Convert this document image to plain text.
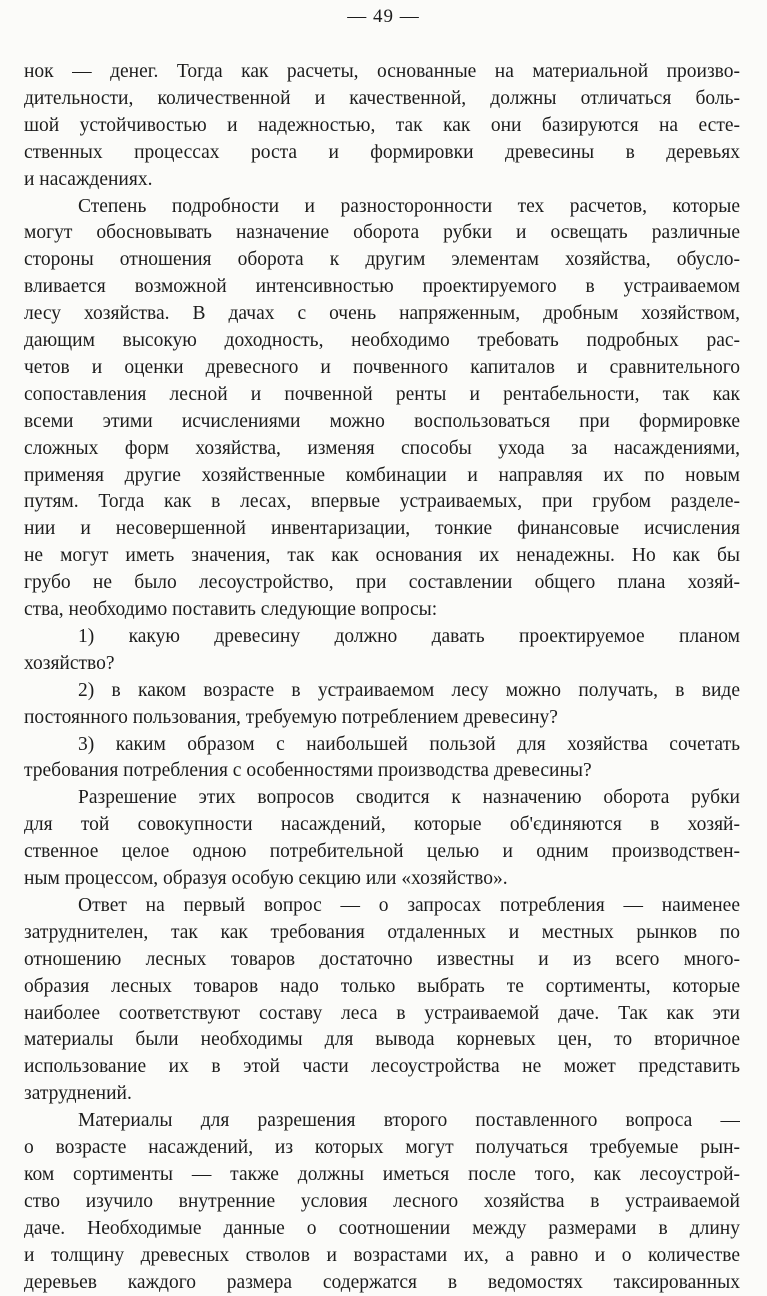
— 49 —
нок — денег. Тогда как расчеты, основанные на материальной произво-
дительности, количественной и качественной, должны отличаться боль-
шой устойчивостью и надежностью, так как они базируются на есте-
ственных процессах роста и формировки древесины в деревьях
и насаждениях.
Степень подробности и разносторонности тех расчетов, которые
могут обосновывать назначение оборота рубки и освещать различные
стороны отношения оборота к другим элементам хозяйства, обусло-
вливается возможной интенсивностью проектируемого в устраиваемом
лесу хозяйства. В дачах с очень напряженным, дробным хозяйством,
дающим высокую доходность, необходимо требовать подробных рас-
четов и оценки древесного и почвенного капиталов и сравнительного
сопоставления лесной и почвенной ренты и рентабельности, так как
всеми этими исчислениями можно воспользоваться при формировке
сложных форм хозяйства, изменяя способы ухода за насаждениями,
применяя другие хозяйственные комбинации и направляя их по новым
путям. Тогда как в лесах, впервые устраиваемых, при грубом разделе-
нии и несовершенной инвентаризации, тонкие финансовые исчисления
не могут иметь значения, так как основания их ненадежны. Но как бы
грубо не было лесоустройство, при составлении общего плана хозяй-
ства, необходимо поставить следующие вопросы:
1) какую древесину должно давать проектируемое планом
хозяйство?
2) в каком возрасте в устраиваемом лесу можно получать, в виде
постоянного пользования, требуемую потреблением древесину?
3) каким образом с наибольшей пользой для хозяйства сочетать
требования потребления с особенностями производства древесины?
Разрешение этих вопросов сводится к назначению оборота рубки
для той совокупности насаждений, которые об'єдиняются в хозяй-
ственное целое одною потребительной целью и одним производствен-
ным процессом, образуя особую секцию или «хозяйство».
Ответ на первый вопрос — о запросах потребления — наименее
затруднителен, так как требования отдаленных и местных рынков по
отношению лесных товаров достаточно известны и из всего много-
образия лесных товаров надо только выбрать те сортименты, которые
наиболее соответствуют составу леса в устраиваемой даче. Так как эти
материалы были необходимы для вывода корневых цен, то вторичное
использование их в этой части лесоустройства не может представить
затруднений.
Материалы для разрешения второго поставленного вопроса —
о возрасте насаждений, из которых могут получаться требуемые рын-
ком сортименты — также должны иметься после того, как лесоустрой-
ство изучило внутренние условия лесного хозяйства в устраиваемой
даче. Необходимые данные о соотношении между размерами в длину
и толщину древесных стволов и возрастами их, а равно и о количестве
деревьев каждого размера содержатся в ведомостях таксированных
